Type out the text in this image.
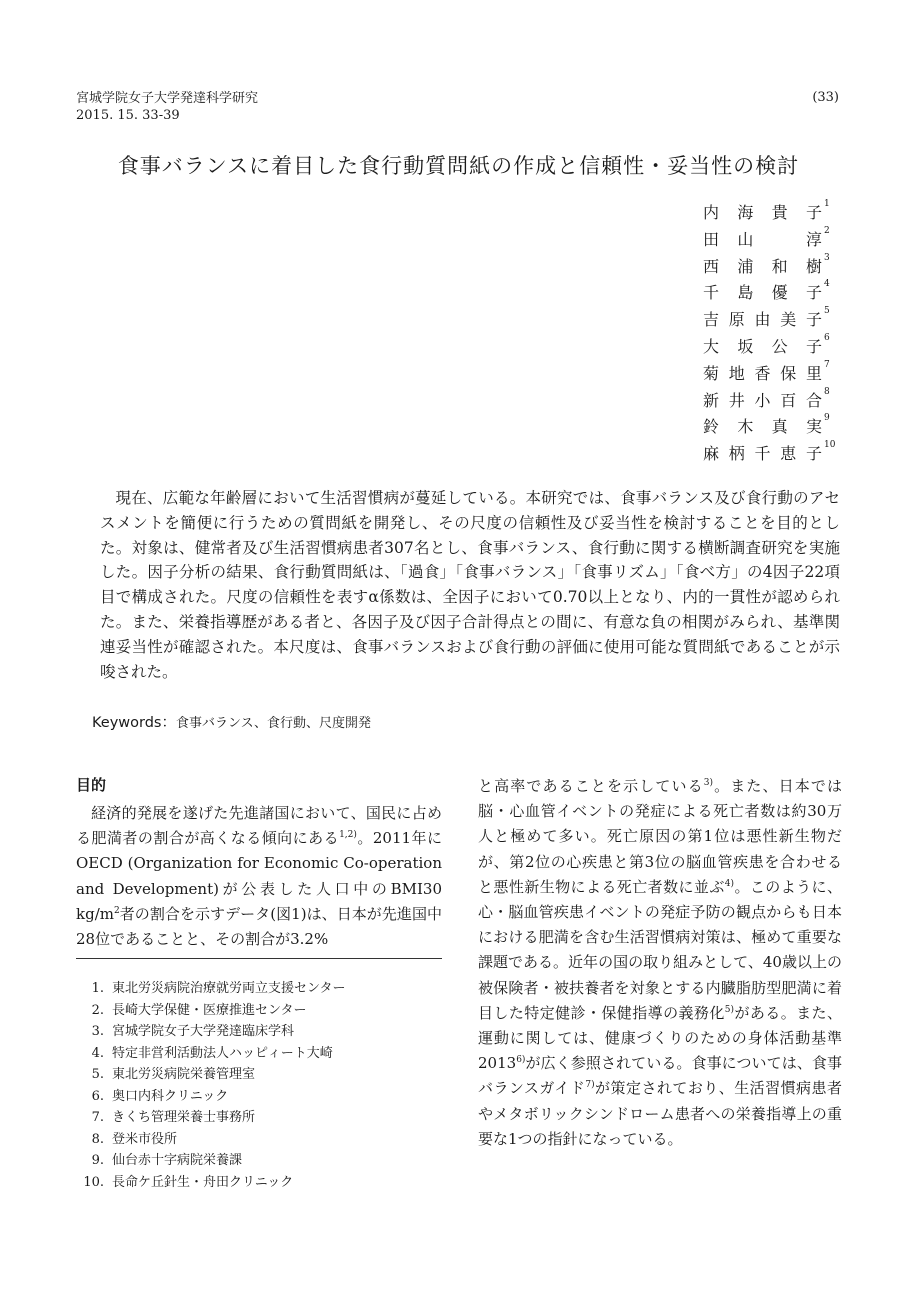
宮城学院女子大学発達科学研究
2015. 15. 33-39
(33)
食事バランスに着目した食行動質問紙の作成と信頼性・妥当性の検討
内海貴子$^1$
田山　淳$^2$
西浦和樹$^3$
千島優子$^4$
吉原由美子$^5$
大坂公子$^6$
菊地香保里$^7$
新井小百合$^8$
鈴木真実$^9$
麻柄千恵子$^{10}$

現在、広範な年齢層において生活習慣病が蔓延している。本研究では、食事バランス及び食行動のアセスメントを簡便に行うための質問紙を開発し、その尺度の信頼性及び妥当性を検討することを目的とした。対象は、健常者及び生活習慣病患者307名とし、食事バランス、食行動に関する横断調査研究を実施した。因子分析の結果、食行動質問紙は、「過食」「食事バランス」「食事リズム」「食べ方」の4因子22項目で構成された。尺度の信頼性を表すα係数は、全因子において0.70以上となり、内的一貫性が認められた。また、栄養指導歴がある者と、各因子及び因子合計得点との間に、有意な負の相関がみられ、基準関連妥当性が確認された。本尺度は、食事バランスおよび食行動の評価に使用可能な質問紙であることが示唆された。

Keywords：食事バランス、食行動、尺度開発
目的

経済的発展を遂げた先進諸国において、国民に占める肥満者の割合が高くなる傾向にある$^{1,2)}$。2011年にOECD (Organization for Economic Co-operation and Development)が公表した人口中のBMI30 $kg/m^2$者の割合を示すデータ(図1)は、日本が先進国中28位であることと、その割合が3.2%

1. 東北労災病院治療就労両立支援センター
2. 長崎大学保健・医療推進センター
3. 宮城学院女子大学発達臨床学科
4. 特定非営利活動法人ハッピィート大崎
5. 東北労災病院栄養管理室
6. 奥口内科クリニック
7. きくち管理栄養士事務所
8. 登米市役所
9. 仙台赤十字病院栄養課
10. 長命ケ丘針生・舟田クリニック

と高率であることを示している$^{3)}$。また、日本では脳・心血管イベントの発症による死亡者数は約30万人と極めて多い。死亡原因の第1位は悪性新生物だが、第2位の心疾患と第3位の脳血管疾患を合わせると悪性新生物による死亡者数に並ぶ$^{4)}$。このように、心・脳血管疾患イベントの発症予防の観点からも日本における肥満を含む生活習慣病対策は、極めて重要な課題である。近年の国の取り組みとして、40歳以上の被保険者・被扶養者を対象とする内臓脂肪型肥満に着目した特定健診・保健指導の義務化$^{5)}$がある。また、運動に関しては、健康づくりのための身体活動基準2013$^{6)}$が広く参照されている。食事については、食事バランスガイド$^{7)}$が策定されており、生活習慣病患者やメタボリックシンドローム患者への栄養指導上の重要な1つの指針になっている。
